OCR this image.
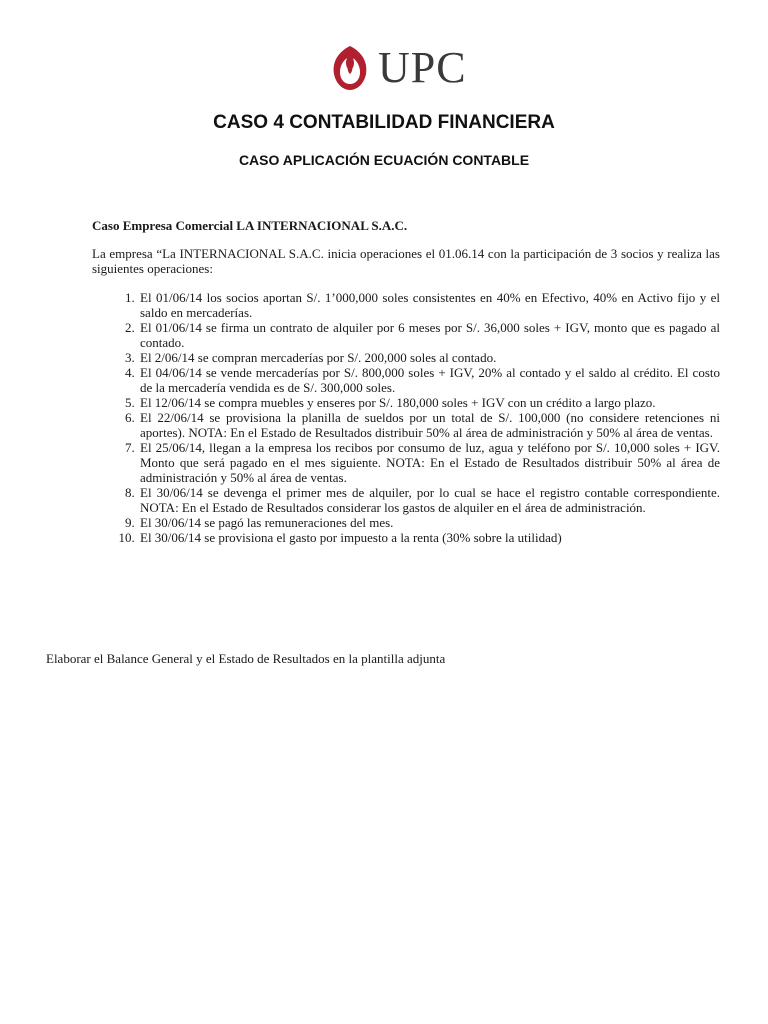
UPC
CASO 4 CONTABILIDAD FINANCIERA
CASO APLICACIÓN ECUACIÓN CONTABLE

Caso Empresa Comercial LA INTERNACIONAL S.A.C.

La empresa “La INTERNACIONAL S.A.C. inicia operaciones el 01.06.14 con la participación de 3 socios y realiza las siguientes operaciones:

1. El 01/06/14 los socios aportan S/. 1’000,000 soles consistentes en 40% en Efectivo, 40% en Activo fijo y el saldo en mercaderías.
2. El 01/06/14 se firma un contrato de alquiler por 6 meses por S/. 36,000 soles + IGV, monto que es pagado al contado.
3. El 2/06/14 se compran mercaderías por S/. 200,000 soles al contado.
4. El 04/06/14 se vende mercaderías por S/. 800,000 soles + IGV, 20% al contado y el saldo al crédito. El costo de la mercadería vendida es de S/. 300,000 soles.
5. El 12/06/14 se compra muebles y enseres por S/. 180,000 soles + IGV con un crédito a largo plazo.
6. El 22/06/14 se provisiona la planilla de sueldos por un total de S/. 100,000 (no considere retenciones ni aportes). NOTA: En el Estado de Resultados distribuir 50% al área de administración y 50% al área de ventas.
7. El 25/06/14, llegan a la empresa los recibos por consumo de luz, agua y teléfono por S/. 10,000 soles + IGV. Monto que será pagado en el mes siguiente. NOTA: En el Estado de Resultados distribuir 50% al área de administración y 50% al área de ventas.
8. El 30/06/14 se devenga el primer mes de alquiler, por lo cual se hace el registro contable correspondiente. NOTA: En el Estado de Resultados considerar los gastos de alquiler en el área de administración.
9. El 30/06/14 se pagó las remuneraciones del mes.
10. El 30/06/14 se provisiona el gasto por impuesto a la renta (30% sobre la utilidad)
Elaborar el Balance General y el Estado de Resultados en la plantilla adjunta
